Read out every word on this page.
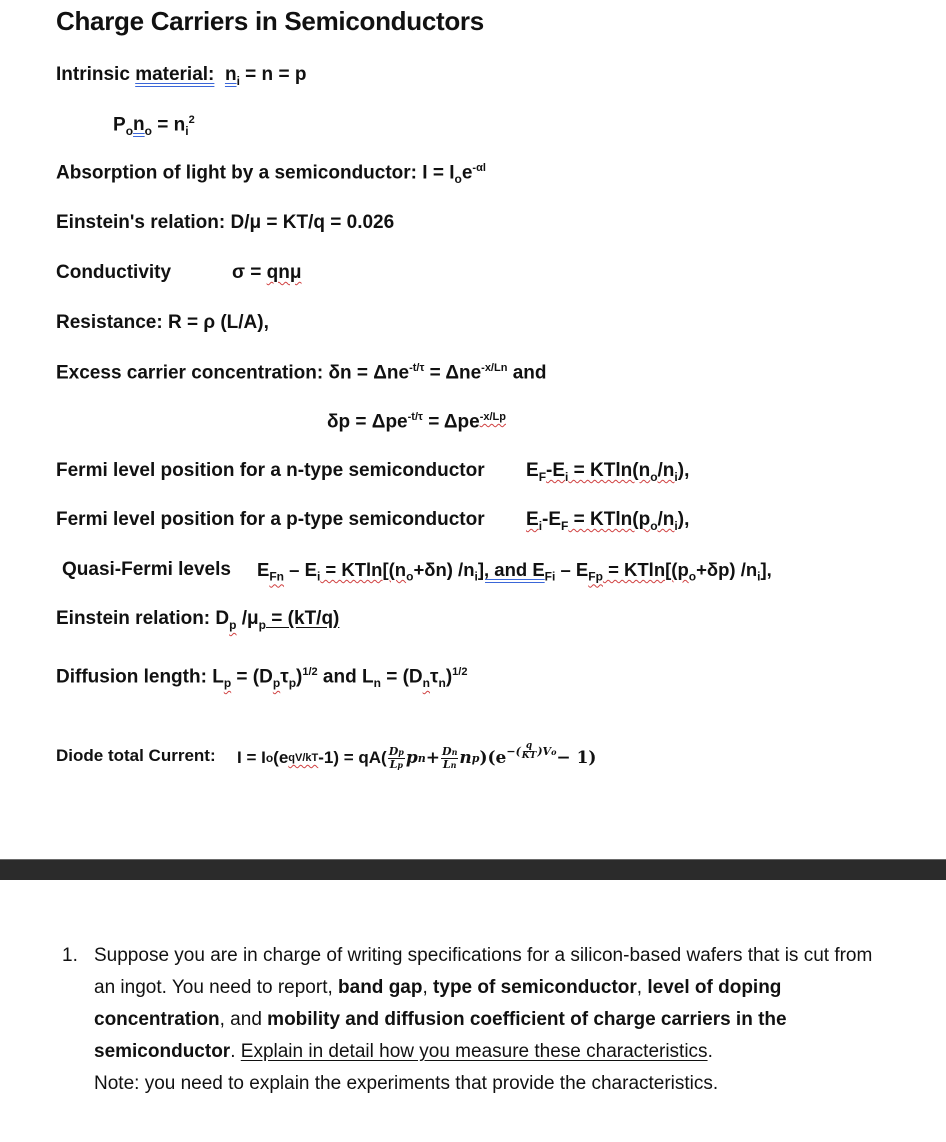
Charge Carriers in Semiconductors
Intrinsic material: $n_i = n = p$
$P_on_o = n_i^2$
Absorption of light by a semiconductor: $I = I_oe^{-\alpha l}$
Einstein's relation: D/μ = KT/q = 0.026
Conductivity	σ = qnμ
Resistance: R = ρ (L/A),
Excess carrier concentration: δn = Δne$^{-t/\tau}$ = Δne$^{-x/Ln}$ and
δp = Δpe$^{-t/\tau}$ = Δpe$^{-x/Lp}$
Fermi level position for a n-type semiconductor $E_F-E_i = KTln(n_o/n_i)$,
Fermi level position for a p-type semiconductor $E_i-E_F = KTln(p_o/n_i)$,
Quasi-Fermi levels $E_{Fn} - E_i = KTln[(n_o+\delta n)$ $/n_i$], and $E_{Fi} - E_{Fp} = KTln[(p_o+\delta p)$ $/n_i$],
Einstein relation: $D_p$ $/\mu_p = (kT/q)$
Diffusion length: $L_p = (D_p\tau_p)^{1/2}$ and $L_n = (D_n\tau_n)^{1/2}$
Diode total Current: I = I o (e qV/kT $-1) = qA( \frac{Dp}{Lp}$ p $n + \frac{Dn}{Ln}$ n p )(e −( $\frac{q}{KT} )V$ o − 1)
1. Suppose you are in charge of writing specifications for a silicon-based wafers that is cut from an ingot. You need to report, band gap, type of semiconductor, level of doping concentration, and mobility and diffusion coefficient of charge carriers in the semiconductor. Explain in detail how you measure these characteristics.
Note: you need to explain the experiments that provide the characteristics.
